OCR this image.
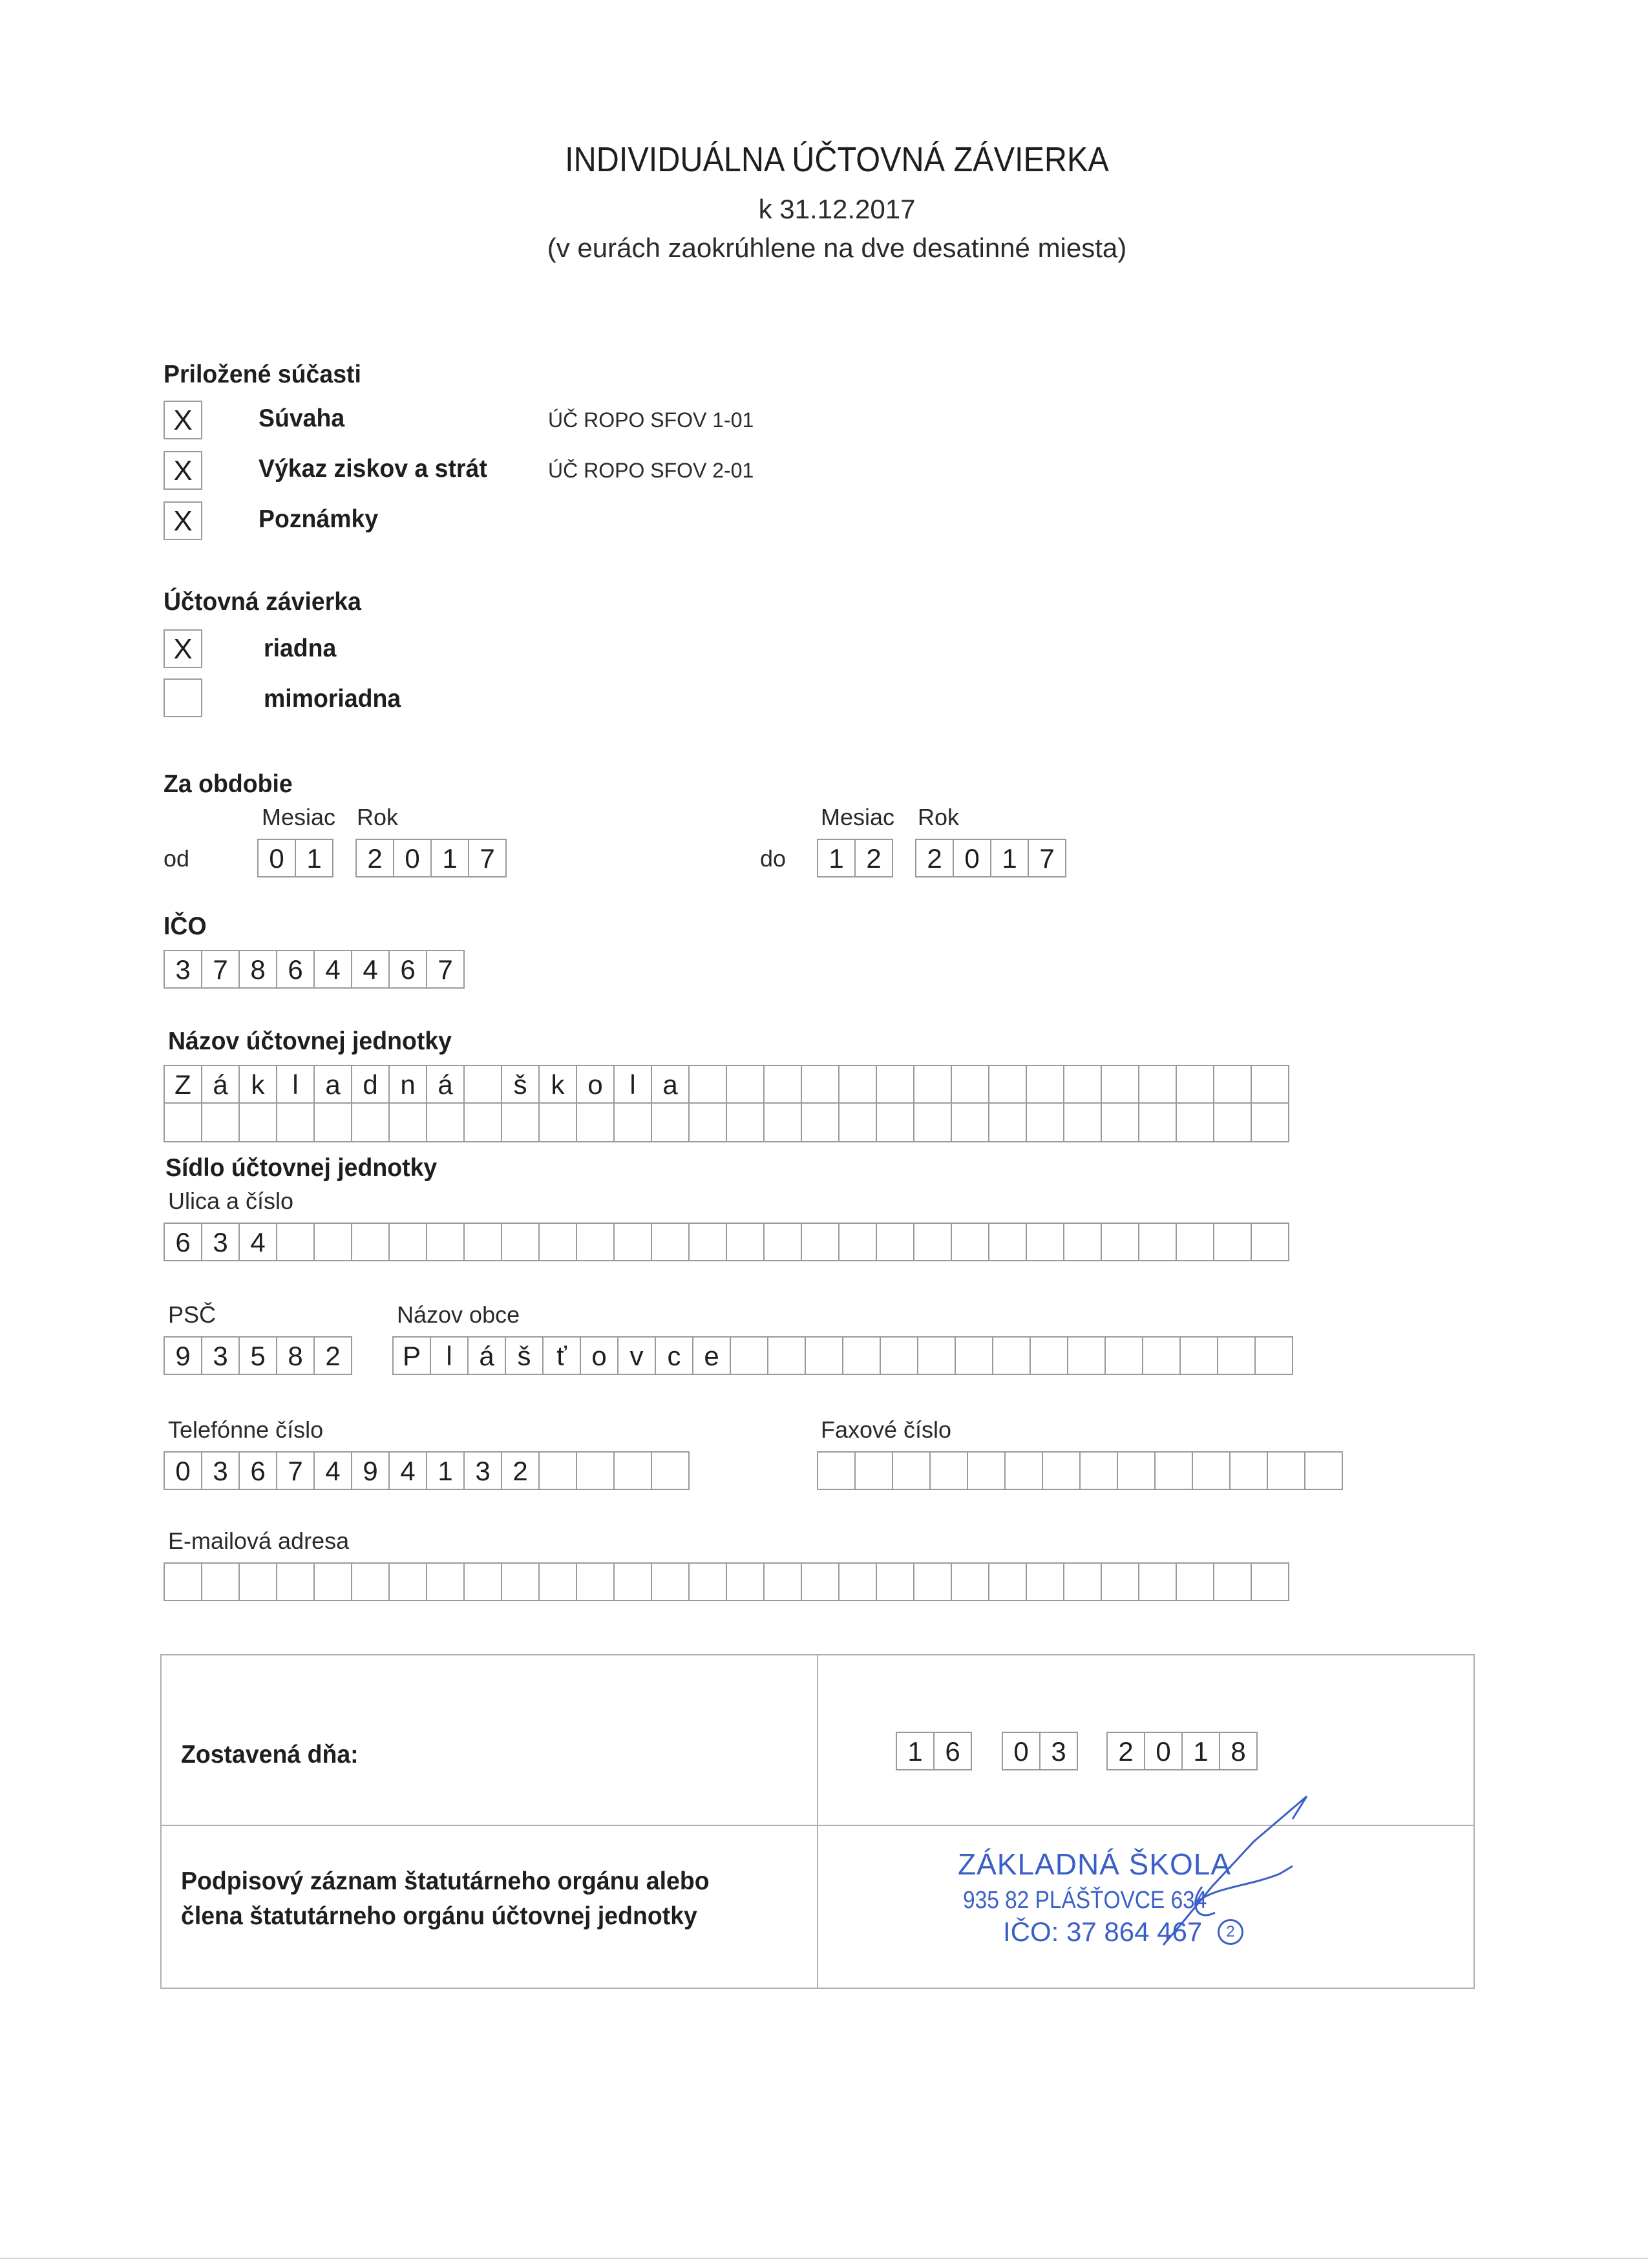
INDIVIDUÁLNA ÚČTOVNÁ ZÁVIERKA
k 31.12.2017
(v eurách zaokrúhlene na dve desatinné miesta)
Priložené súčasti
X	Súvaha	ÚČ ROPO SFOV 1-01
X	Výkaz ziskov a strát	ÚČ ROPO SFOV 2-01
X	Poznámky
Účtovná závierka
X	riadna
mimoriadna
Za obdobie
Mesiac Rok
od	0 1	2 0 1 7
Mesiac Rok
do	1 2	2 0 1 7
IČO
3 7 8 6 4 4 6 7
Názov účtovnej jednotky
Z á k	l a d n á	š k o l a
Sídlo účtovnej jednotky
Ulica a číslo
6 3 4
PSČ
9 3 5 8 2
Názov obce
P l á š ť o v c e
Telefónne číslo
0 3 6 7 4 9 4 1 3 2
Faxové číslo
E-mailová adresa
Zostavená dňa:	1 6	0 3	2 0 1 8
Podpisový záznam štatutárneho orgánu alebo
člena štatutárneho orgánu účtovnej jednotky
ZÁKLADNÁ ŠKOLA
935 82 PLÁŠŤOVCE 634
IČO: 37 864 467	2
